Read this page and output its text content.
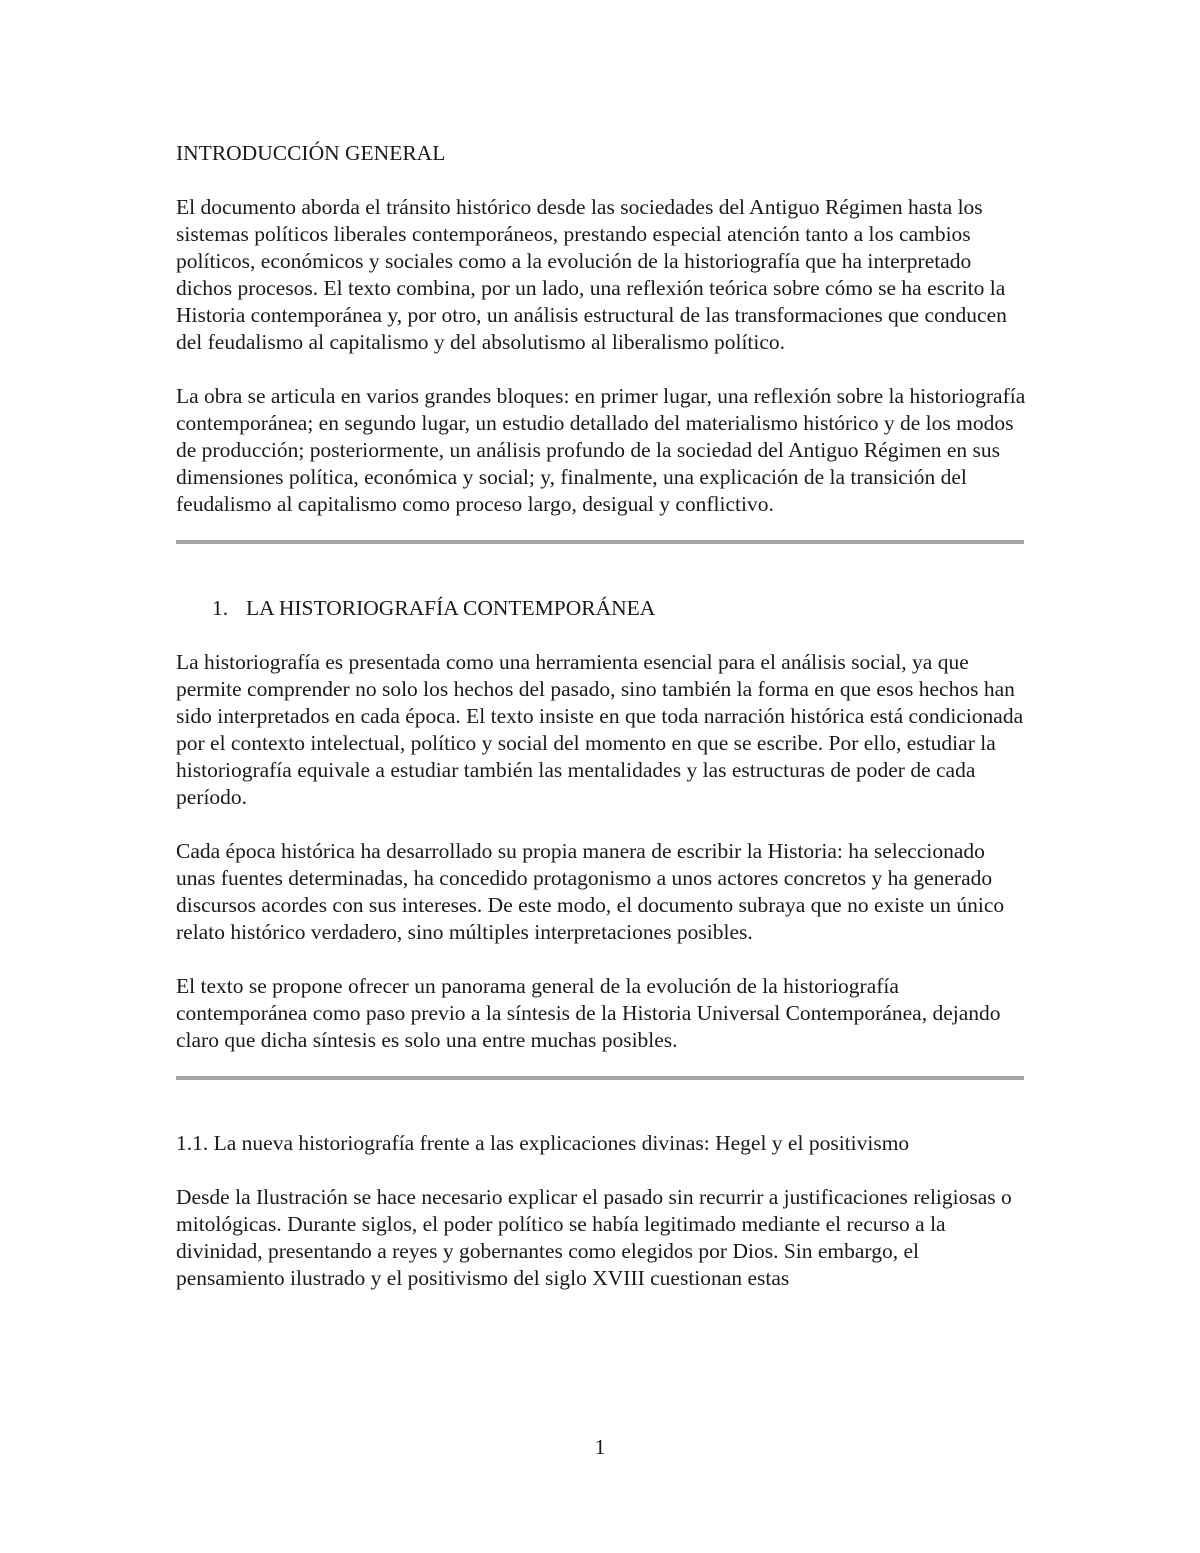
INTRODUCCIÓN GENERAL

El documento aborda el tránsito histórico desde las sociedades del Antiguo Régimen hasta los sistemas políticos liberales contemporáneos, prestando especial atención tanto a los cambios políticos, económicos y sociales como a la evolución de la historiografía que ha interpretado dichos procesos. El texto combina, por un lado, una reflexión teórica sobre cómo se ha escrito la Historia contemporánea y, por otro, un análisis estructural de las transformaciones que conducen del feudalismo al capitalismo y del absolutismo al liberalismo político.

La obra se articula en varios grandes bloques: en primer lugar, una reflexión sobre la historiografía contemporánea; en segundo lugar, un estudio detallado del materialismo histórico y de los modos de producción; posteriormente, un análisis profundo de la sociedad del Antiguo Régimen en sus dimensiones política, económica y social; y, finalmente, una explicación de la transición del feudalismo al capitalismo como proceso largo, desigual y conflictivo.

1. LA HISTORIOGRAFÍA CONTEMPORÁNEA

La historiografía es presentada como una herramienta esencial para el análisis social, ya que permite comprender no solo los hechos del pasado, sino también la forma en que esos hechos han sido interpretados en cada época. El texto insiste en que toda narración histórica está condicionada por el contexto intelectual, político y social del momento en que se escribe. Por ello, estudiar la historiografía equivale a estudiar también las mentalidades y las estructuras de poder de cada período.

Cada época histórica ha desarrollado su propia manera de escribir la Historia: ha seleccionado unas fuentes determinadas, ha concedido protagonismo a unos actores concretos y ha generado discursos acordes con sus intereses. De este modo, el documento subraya que no existe un único relato histórico verdadero, sino múltiples interpretaciones posibles.

El texto se propone ofrecer un panorama general de la evolución de la historiografía contemporánea como paso previo a la síntesis de la Historia Universal Contemporánea, dejando claro que dicha síntesis es solo una entre muchas posibles.

1.1. La nueva historiografía frente a las explicaciones divinas: Hegel y el positivismo

Desde la Ilustración se hace necesario explicar el pasado sin recurrir a justificaciones religiosas o mitológicas. Durante siglos, el poder político se había legitimado mediante el recurso a la divinidad, presentando a reyes y gobernantes como elegidos por Dios. Sin embargo, el pensamiento ilustrado y el positivismo del siglo XVIII cuestionan estas

1
